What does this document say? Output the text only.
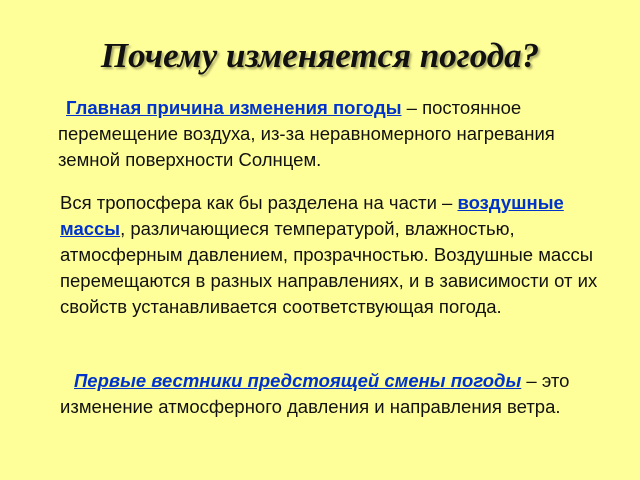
Почему изменяется погода?
Главная причина изменения погоды – постоянное перемещение воздуха, из-за неравномерного нагревания земной поверхности Солнцем.
Вся тропосфера как бы разделена на части – воздушные массы, различающиеся температурой, влажностью, атмосферным давлением, прозрачностью. Воздушные массы перемещаются в разных направлениях, и в зависимости от их свойств устанавливается соответствующая погода.
Первые вестники предстоящей смены погоды – это изменение атмосферного давления и направления ветра.
